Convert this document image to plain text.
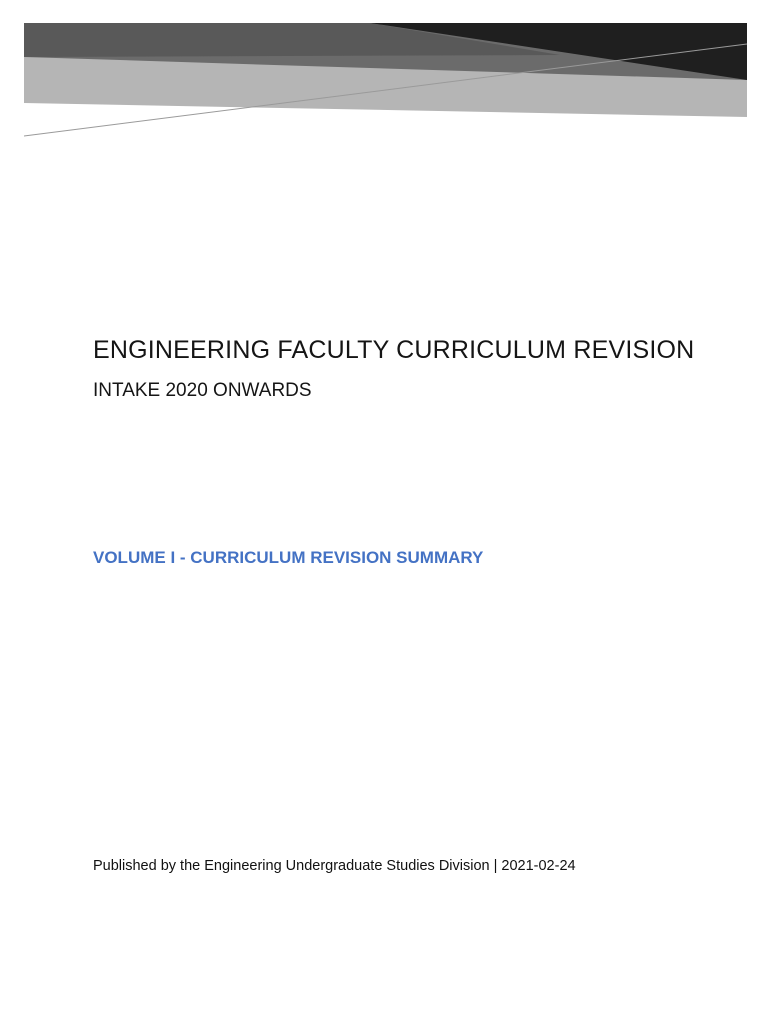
ENGINEERING FACULTY CURRICULUM REVISION
INTAKE 2020 ONWARDS
VOLUME I - CURRICULUM REVISION SUMMARY
Published by the Engineering Undergraduate Studies Division | 2021-02-24
